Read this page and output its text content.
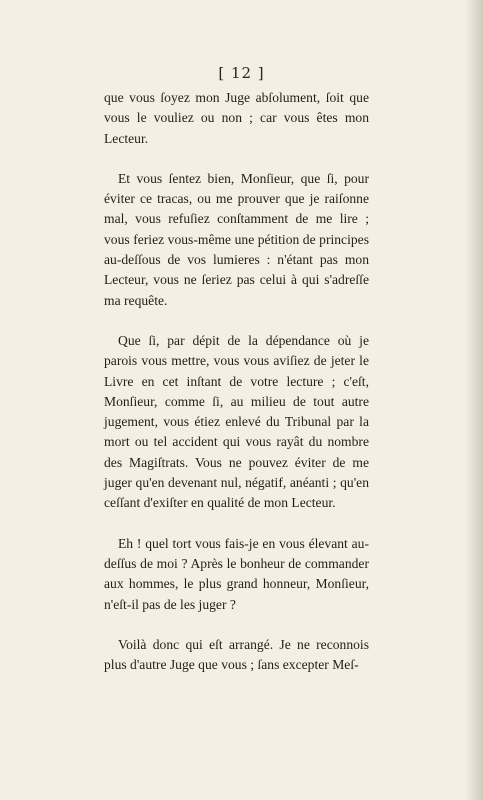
[ 12 ]

que vous ſoyez mon Juge abſolument, ſoit que vous le vouliez ou non ; car vous êtes mon Lecteur.

Et vous ſentez bien, Monſieur, que ſi, pour éviter ce tracas, ou me prouver que je raiſonne mal, vous refuſiez conſtamment de me lire ; vous feriez vous-même une pétition de principes au-deſſous de vos lumieres : n'étant pas mon Lecteur, vous ne ſeriez pas celui à qui s'adreſſe ma requête.

Que ſi, par dépit de la dépendance où je parois vous mettre, vous vous aviſiez de jeter le Livre en cet inſtant de votre lecture ; c'eſt, Monſieur, comme ſi, au milieu de tout autre jugement, vous étiez enlevé du Tribunal par la mort ou tel accident qui vous rayât du nombre des Magiſtrats. Vous ne pouvez éviter de me juger qu'en devenant nul, négatif, anéanti ; qu'en ceſſant d'exiſter en qualité de mon Lecteur.

Eh ! quel tort vous fais-je en vous élevant au-deſſus de moi ? Après le bonheur de commander aux hommes, le plus grand honneur, Monſieur, n'eſt-il pas de les juger ?

Voilà donc qui eſt arrangé. Je ne reconnois plus d'autre Juge que vous ; ſans excepter Meſ-
